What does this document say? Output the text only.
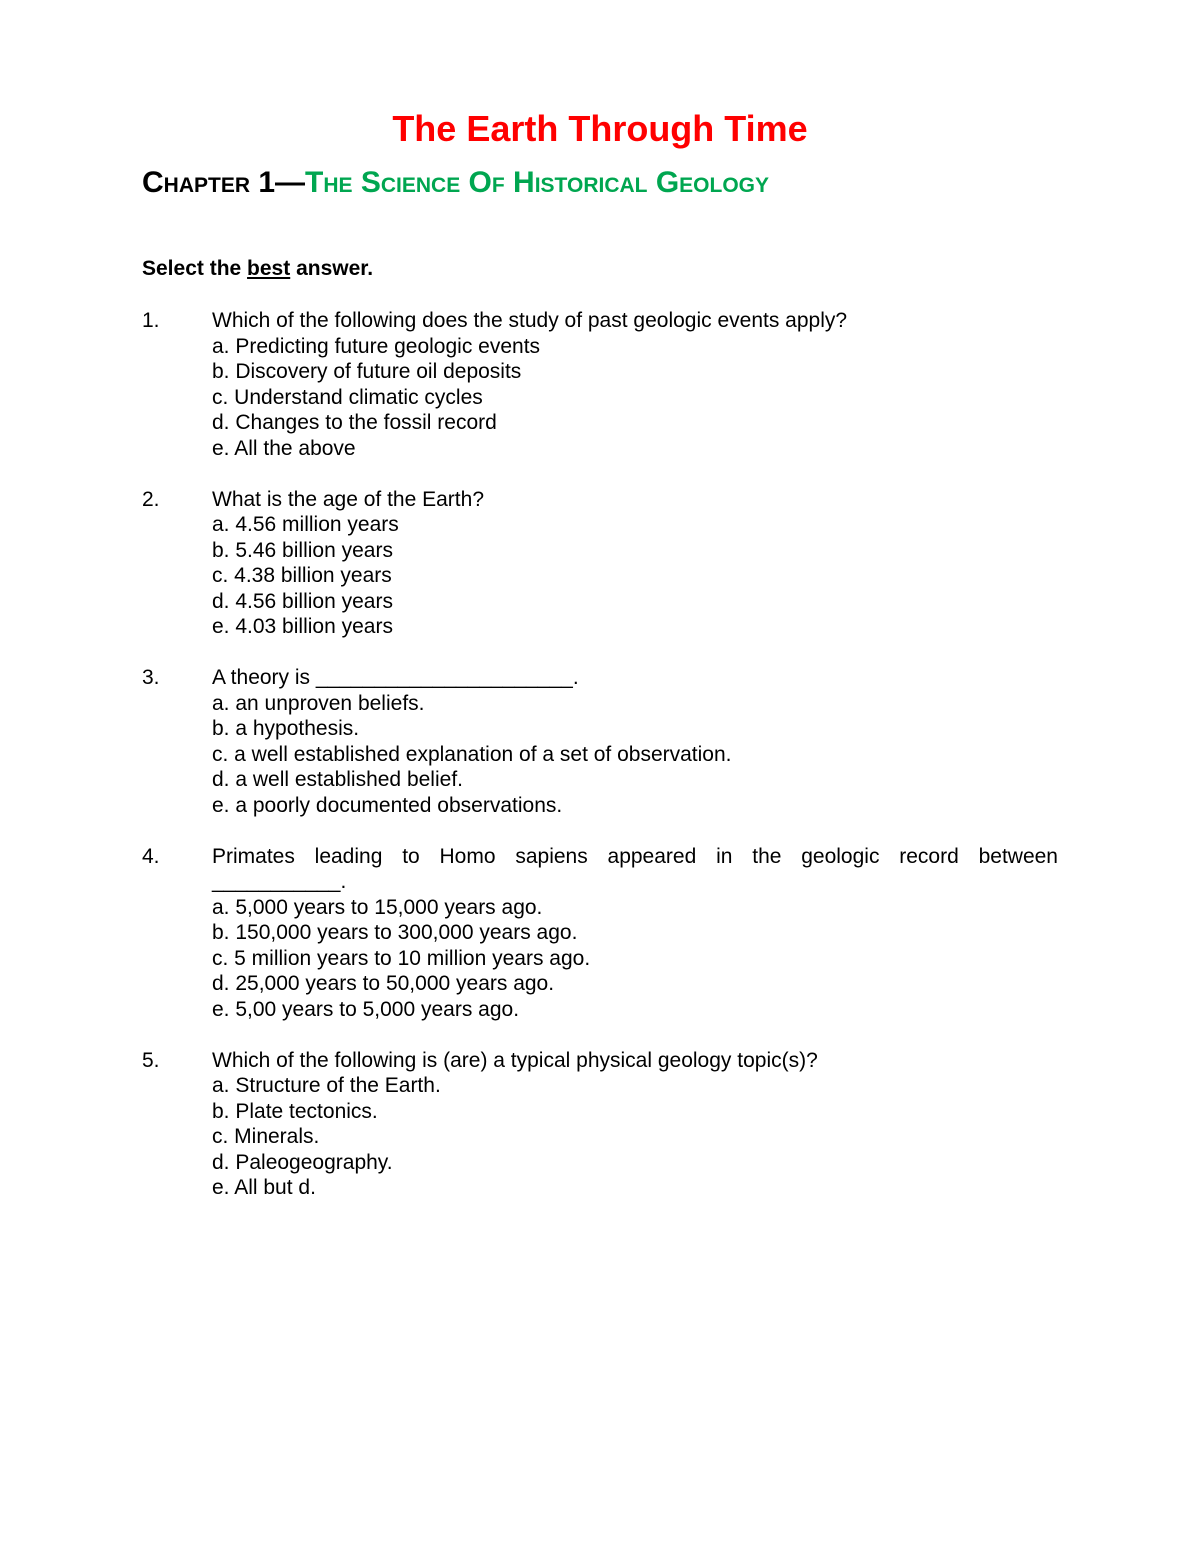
The Earth Through Time
Chapter 1—The Science Of Historical Geology

Select the best answer.

1.	Which of the following does the study of past geologic events apply?

a. Predicting future geologic events

b. Discovery of future oil deposits

c. Understand climatic cycles

d. Changes to the fossil record

e. All the above

2.	What is the age of the Earth?

a. 4.56 million years

b. 5.46 billion years

c. 4.38 billion years

d. 4.56 billion years

e. 4.03 billion years

3.	A theory is ______________________.

a. an unproven beliefs.

b. a hypothesis.

c. a well established explanation of a set of observation.

d. a well established belief.

e. a poorly documented observations.

4.	Primates leading to Homo sapiens appeared in the geologic record between

___________.

a. 5,000 years to 15,000 years ago.

b. 150,000 years to 300,000 years ago.

c. 5 million years to 10 million years ago.

d. 25,000 years to 50,000 years ago.

e. 5,00 years to 5,000 years ago.

5.	Which of the following is (are) a typical physical geology topic(s)?

a. Structure of the Earth.

b. Plate tectonics.

c. Minerals.

d. Paleogeography.

e. All but d.
